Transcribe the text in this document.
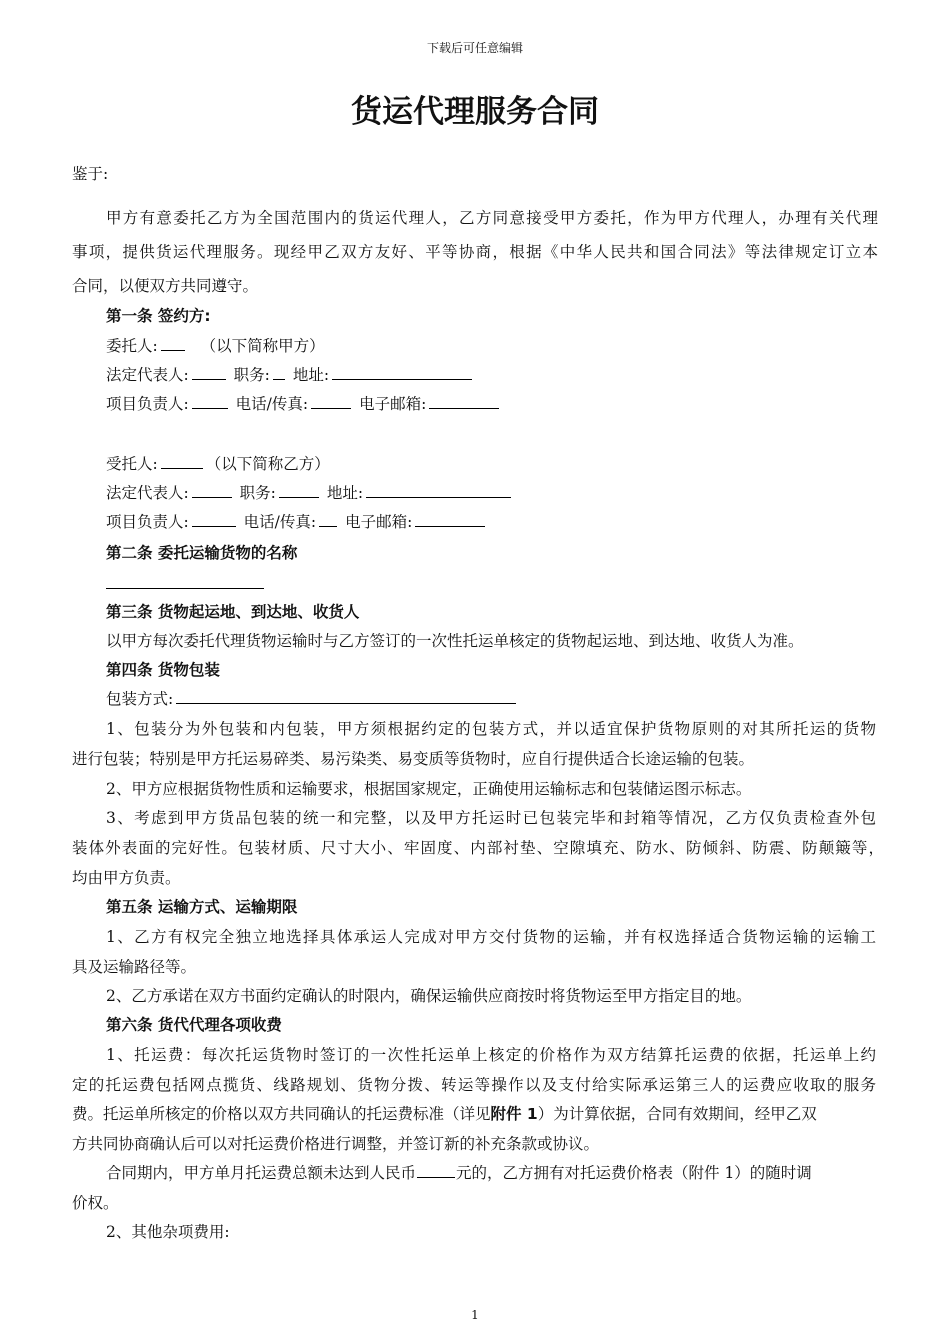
下载后可任意编辑
货运代理服务合同
鉴于:
甲方有意委托乙方为全国范围内的货运代理人，乙方同意接受甲方委托，作为甲方代理人，办理有关代理
事项，提供货运代理服务。现经甲乙双方友好、平等协商，根据《中华人民共和国合同法》等法律规定订立本
合同，以便双方共同遵守。
第一条 签约方:
委托人:	（以下简称甲方）
法定代表人:	职务: 地址:
项目负责人:	电话/传真:	电子邮箱:
受托人:	（以下简称乙方）
法定代表人:	职务:	地址:
项目负责人:	电话/传真: 电子邮箱:
第二条 委托运输货物的名称
第三条 货物起运地、到达地、收货人
以甲方每次委托代理货物运输时与乙方签订的一次性托运单核定的货物起运地、到达地、收货人为准。
第四条 货物包装
包装方式:
1、包装分为外包装和内包装，甲方须根据约定的包装方式，并以适宜保护货物原则的对其所托运的货物
进行包装；特别是甲方托运易碎类、易污染类、易变质等货物时，应自行提供适合长途运输的包装。
2、甲方应根据货物性质和运输要求，根据国家规定，正确使用运输标志和包装储运图示标志。
3、考虑到甲方货品包装的统一和完整，以及甲方托运时已包装完毕和封箱等情况，乙方仅负责检查外包
装体外表面的完好性。包装材质、尺寸大小、牢固度、内部衬垫、空隙填充、防水、防倾斜、防震、防颠簸等，
均由甲方负责。
第五条 运输方式、运输期限
1、乙方有权完全独立地选择具体承运人完成对甲方交付货物的运输，并有权选择适合货物运输的运输工
具及运输路径等。
2、乙方承诺在双方书面约定确认的时限内，确保运输供应商按时将货物运至甲方指定目的地。
第六条 货代代理各项收费
1、托运费：每次托运货物时签订的一次性托运单上核定的价格作为双方结算托运费的依据，托运单上约
定的托运费包括网点揽货、线路规划、货物分拨、转运等操作以及支付给实际承运第三人的运费应收取的服务
费。托运单所核定的价格以双方共同确认的托运费标准（详见附件 1）为计算依据，合同有效期间，经甲乙双
方共同协商确认后可以对托运费价格进行调整，并签订新的补充条款或协议。
合同期内，甲方单月托运费总额未达到人民币	元的，乙方拥有对托运费价格表（附件 1）的随时调
价权。
2、其他杂项费用:
1
